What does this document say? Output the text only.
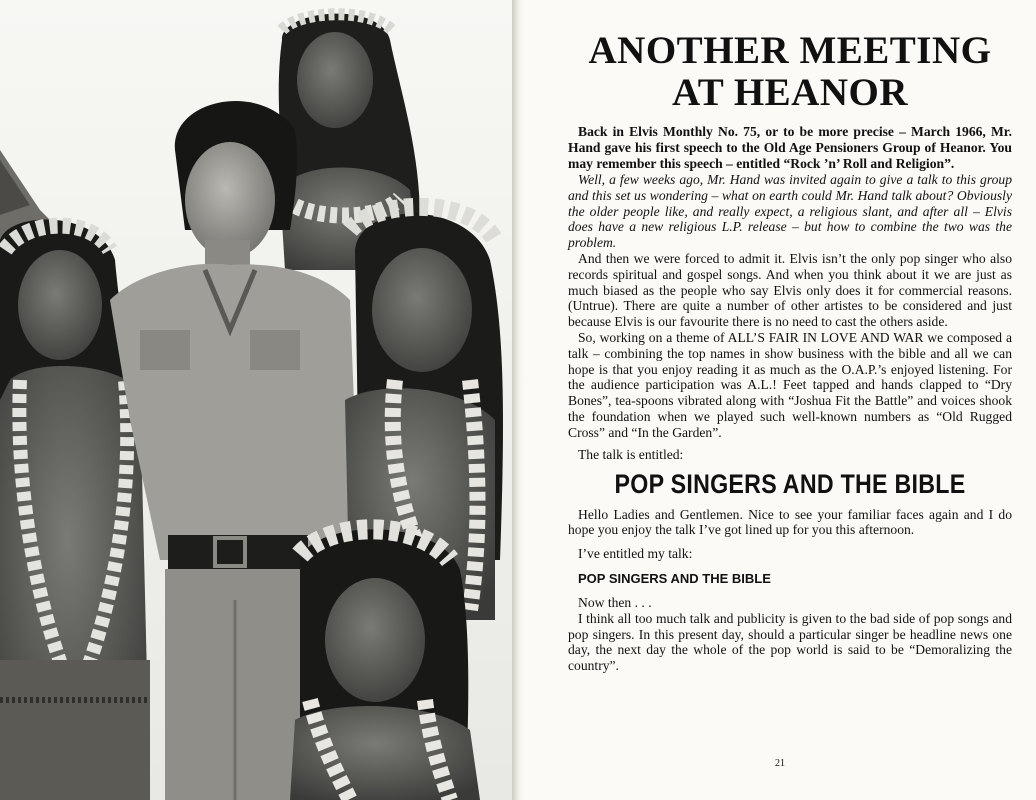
ANOTHER MEETING
AT HEANOR

Back in Elvis Monthly No. 75, or to be more precise – March 1966, Mr. Hand gave his first speech to the Old Age Pensioners Group of Heanor. You may remember this speech – entitled “Rock ’n’ Roll and Religion”.

Well, a few weeks ago, Mr. Hand was invited again to give a talk to this group and this set us wondering – what on earth could Mr. Hand talk about? Obviously the older people like, and really expect, a religious slant, and after all – Elvis does have a new religious L.P. release – but how to combine the two was the problem.

And then we were forced to admit it. Elvis isn’t the only pop singer who also records spiritual and gospel songs. And when you think about it we are just as much biased as the people who say Elvis only does it for commercial reasons. (Untrue). There are quite a number of other artistes to be considered and just because Elvis is our favourite there is no need to cast the others aside.

So, working on a theme of ALL’S FAIR IN LOVE AND WAR we composed a talk – combining the top names in show business with the bible and all we can hope is that you enjoy reading it as much as the O.A.P.’s enjoyed listening. For the audience participation was A.L.! Feet tapped and hands clapped to “Dry Bones”, tea-spoons vibrated along with “Joshua Fit the Battle” and voices shook the foundation when we played such well-known numbers as “Old Rugged Cross” and “In the Garden”.

The talk is entitled:

POP SINGERS AND THE BIBLE

Hello Ladies and Gentlemen. Nice to see your familiar faces again and I do hope you enjoy the talk I’ve got lined up for you this afternoon.

I’ve entitled my talk:

POP SINGERS AND THE BIBLE

Now then . . .

I think all too much talk and publicity is given to the bad side of pop songs and pop singers. In this present day, should a particular singer be headline news one day, the next day the whole of the pop world is said to be “Demoralizing the country”.

21
